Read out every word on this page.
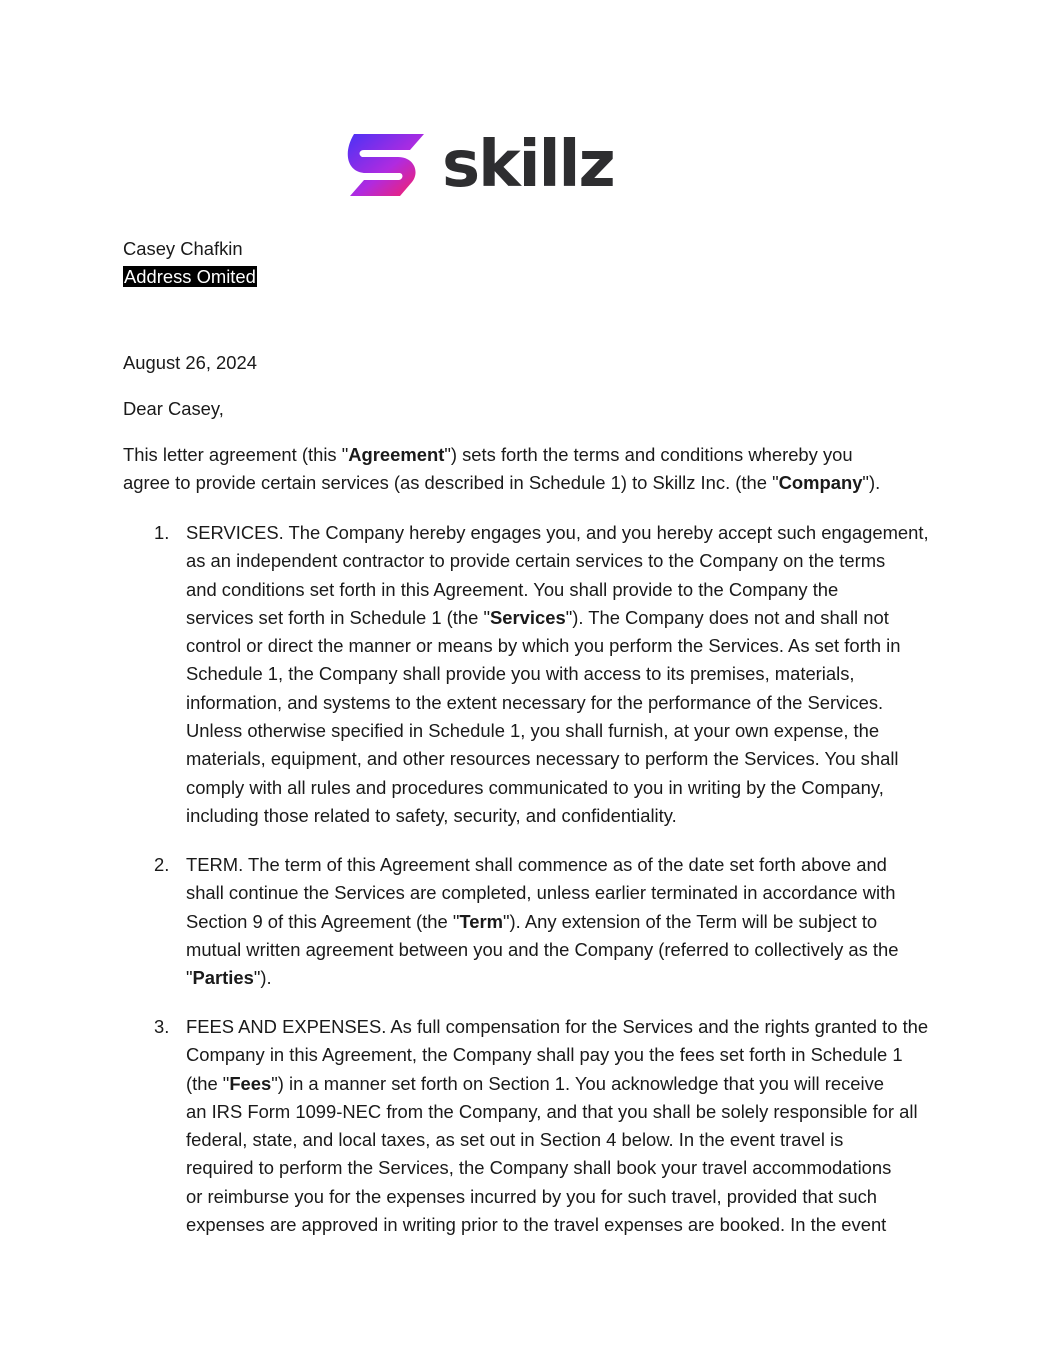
skillz
Casey Chafkin
Address Omited
August 26, 2024
Dear Casey,

This letter agreement (this "Agreement") sets forth the terms and conditions whereby you

agree to provide certain services (as described in Schedule 1) to Skillz Inc. (the "Company").

1. SERVICES. The Company hereby engages you, and you hereby accept such engagement,

as an independent contractor to provide certain services to the Company on the terms

and conditions set forth in this Agreement. You shall provide to the Company the

services set forth in Schedule 1 (the "Services"). The Company does not and shall not

control or direct the manner or means by which you perform the Services. As set forth in

Schedule 1, the Company shall provide you with access to its premises, materials,

information, and systems to the extent necessary for the performance of the Services.

Unless otherwise specified in Schedule 1, you shall furnish, at your own expense, the

materials, equipment, and other resources necessary to perform the Services. You shall

comply with all rules and procedures communicated to you in writing by the Company,

including those related to safety, security, and confidentiality.

2. TERM. The term of this Agreement shall commence as of the date set forth above and

shall continue the Services are completed, unless earlier terminated in accordance with

Section 9 of this Agreement (the "Term"). Any extension of the Term will be subject to

mutual written agreement between you and the Company (referred to collectively as the

"Parties").

3. FEES AND EXPENSES. As full compensation for the Services and the rights granted to the

Company in this Agreement, the Company shall pay you the fees set forth in Schedule 1

(the "Fees") in a manner set forth on Section 1. You acknowledge that you will receive

an IRS Form 1099-NEC from the Company, and that you shall be solely responsible for all

federal, state, and local taxes, as set out in Section 4 below. In the event travel is

required to perform the Services, the Company shall book your travel accommodations

or reimburse you for the expenses incurred by you for such travel, provided that such

expenses are approved in writing prior to the travel expenses are booked. In the event
